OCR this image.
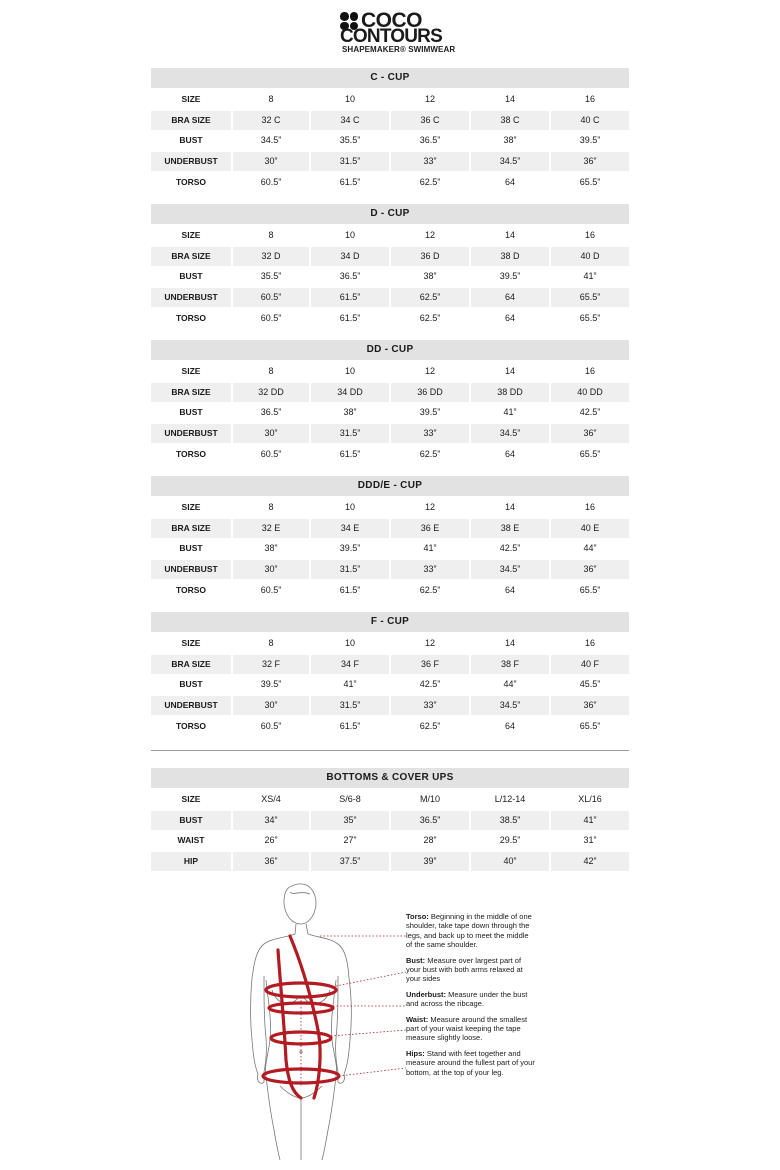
COCO
CONTOURS
SHAPEMAKER® SWIMWEAR
C - CUP
SIZE	8	10	12	14	16
BRA SIZE	32 C	34 C	36 C	38 C	40 C
BUST	34.5”	35.5”	36.5”	38”	39.5”
UNDERBUST	30”	31.5”	33”	34.5”	36”
TORSO	60.5”	61.5”	62.5”	64	65.5”
D - CUP
SIZE	8	10	12	14	16
BRA SIZE	32 D	34 D	36 D	38 D	40 D
BUST	35.5”	36.5”	38”	39.5”	41”
UNDERBUST	60.5”	61.5”	62.5”	64	65.5”
TORSO	60.5”	61.5”	62.5”	64	65.5”
DD - CUP
SIZE	8	10	12	14	16
BRA SIZE	32 DD	34 DD	36 DD	38 DD	40 DD
BUST	36.5”	38”	39.5”	41”	42.5”
UNDERBUST	30”	31.5”	33”	34.5”	36”
TORSO	60.5”	61.5”	62.5”	64	65.5”
DDD/E - CUP
SIZE	8	10	12	14	16
BRA SIZE	32 E	34 E	36 E	38 E	40 E
BUST	38”	39.5”	41”	42.5”	44”
UNDERBUST	30”	31.5”	33”	34.5”	36”
TORSO	60.5”	61.5”	62.5”	64	65.5”
F - CUP
SIZE	8	10	12	14	16
BRA SIZE	32 F	34 F	36 F	38 F	40 F
BUST	39.5”	41”	42.5”	44”	45.5”
UNDERBUST	30”	31.5”	33”	34.5”	36”
TORSO	60.5”	61.5”	62.5”	64	65.5”
BOTTOMS & COVER UPS
SIZE	XS/4	S/6-8	M/10	L/12-14	XL/16
BUST	34”	35”	36.5”	38.5”	41”
WAIST	26”	27”	28”	29.5”	31”
HIP	36”	37.5”	39”	40”	42”
Torso: Beginning in the middle of one shoulder, take tape down through the legs, and back up to meet the middle of the same shoulder.
Bust: Measure over largest part of your bust with both arms relaxed at your sides
Underbust: Measure under the bust and across the ribcage.
Waist: Measure around the smallest part of your waist keeping the tape measure slightly loose.
Hips: Stand with feet together and measure around the fullest part of your bottom, at the top of your leg.
